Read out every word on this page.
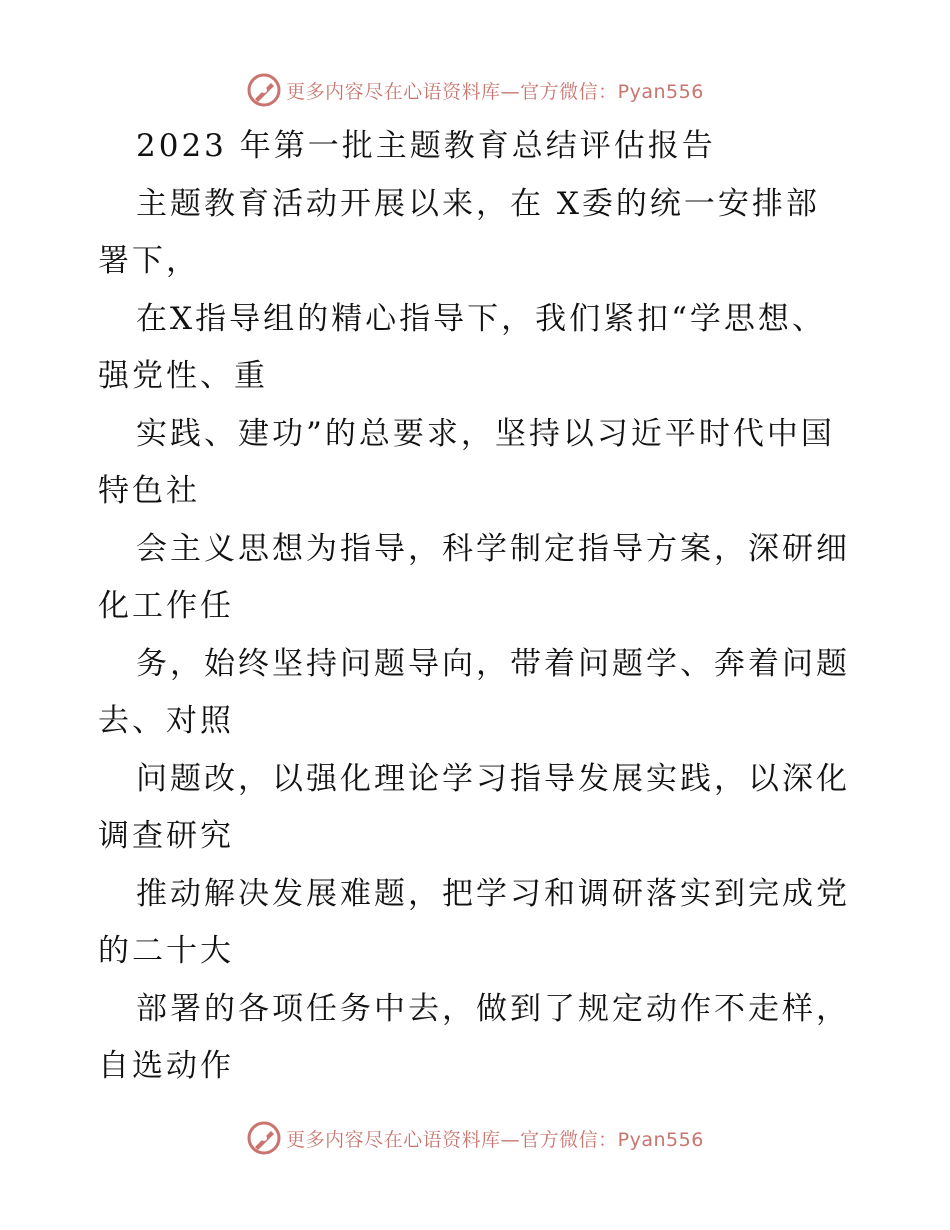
更多内容尽在心语资料库—官方微信：Pyan556
2023 年第一批主题教育总结评估报告
主题教育活动开展以来，在 X委的统一安排部
署下，
在X指导组的精心指导下，我们紧扣“学思想、
强党性、重
实践、建功”的总要求，坚持以习近平时代中国
特色社
会主义思想为指导，科学制定指导方案，深研细
化工作任
务，始终坚持问题导向，带着问题学、奔着问题
去、对照
问题改，以强化理论学习指导发展实践，以深化
调查研究
推动解决发展难题，把学习和调研落实到完成党
的二十大
部署的各项任务中去，做到了规定动作不走样，
自选动作
更多内容尽在心语资料库—官方微信：Pyan556
